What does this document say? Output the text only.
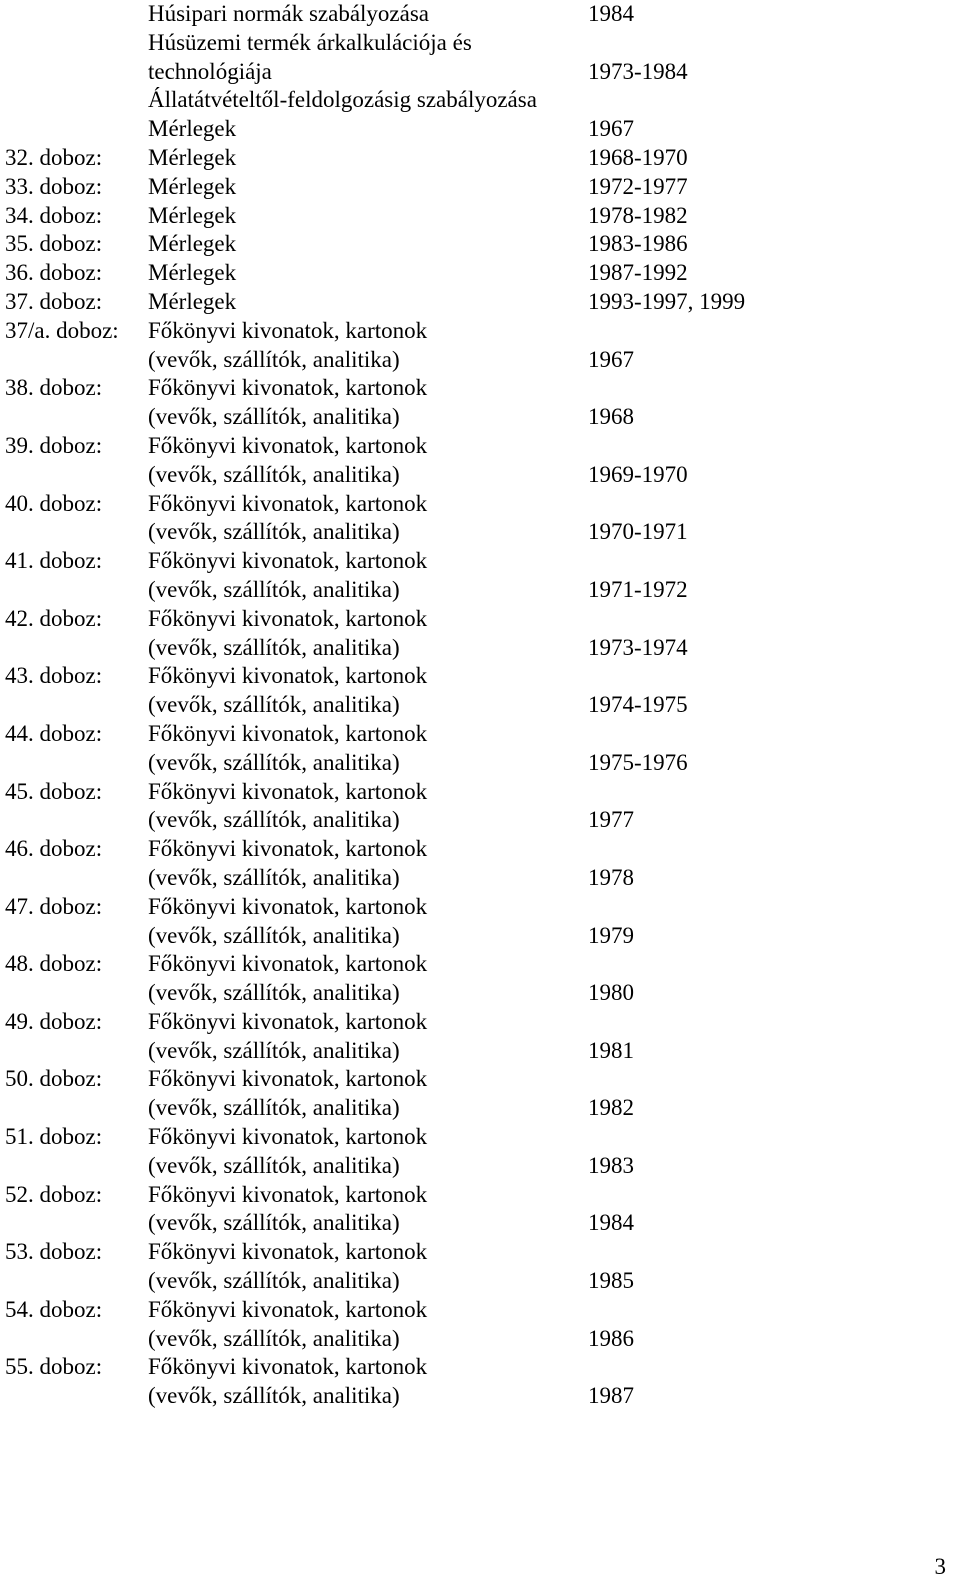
Húsipari normák szabályozása	1984
Húsüzemi termék árkalkulációja és
technológiája	1973-1984
Állatátvételtől-feldolgozásig szabályozása
Mérlegek	1967
32. doboz: Mérlegek	1968-1970
33. doboz: Mérlegek	1972-1977
34. doboz: Mérlegek	1978-1982
35. doboz: Mérlegek	1983-1986
36. doboz: Mérlegek	1987-1992
37. doboz: Mérlegek	1993-1997, 1999
37/a. doboz: Főkönyvi kivonatok, kartonok
(vevők, szállítók, analitika)	1967
38. doboz: Főkönyvi kivonatok, kartonok
(vevők, szállítók, analitika)	1968
39. doboz: Főkönyvi kivonatok, kartonok
(vevők, szállítók, analitika)	1969-1970
40. doboz: Főkönyvi kivonatok, kartonok
(vevők, szállítók, analitika)	1970-1971
41. doboz: Főkönyvi kivonatok, kartonok
(vevők, szállítók, analitika)	1971-1972
42. doboz: Főkönyvi kivonatok, kartonok
(vevők, szállítók, analitika)	1973-1974
43. doboz: Főkönyvi kivonatok, kartonok
(vevők, szállítók, analitika)	1974-1975
44. doboz: Főkönyvi kivonatok, kartonok
(vevők, szállítók, analitika)	1975-1976
45. doboz: Főkönyvi kivonatok, kartonok
(vevők, szállítók, analitika)	1977
46. doboz: Főkönyvi kivonatok, kartonok
(vevők, szállítók, analitika)	1978
47. doboz: Főkönyvi kivonatok, kartonok
(vevők, szállítók, analitika)	1979
48. doboz: Főkönyvi kivonatok, kartonok
(vevők, szállítók, analitika)	1980
49. doboz: Főkönyvi kivonatok, kartonok
(vevők, szállítók, analitika)	1981
50. doboz: Főkönyvi kivonatok, kartonok
(vevők, szállítók, analitika)	1982
51. doboz: Főkönyvi kivonatok, kartonok
(vevők, szállítók, analitika)	1983
52. doboz: Főkönyvi kivonatok, kartonok
(vevők, szállítók, analitika)	1984
53. doboz: Főkönyvi kivonatok, kartonok
(vevők, szállítók, analitika)	1985
54. doboz: Főkönyvi kivonatok, kartonok
(vevők, szállítók, analitika)	1986
55. doboz: Főkönyvi kivonatok, kartonok
(vevők, szállítók, analitika)	1987
3
